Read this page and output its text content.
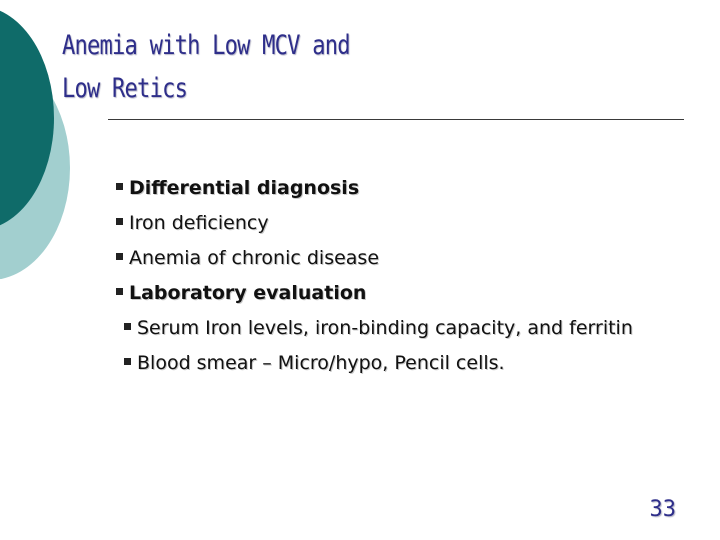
Anemia with Low MCV and
Low Retics
Differential diagnosis
Iron deficiency
Anemia of chronic disease
Laboratory evaluation
Serum Iron levels, iron-binding capacity, and ferritin
Blood smear – Micro/hypo, Pencil cells.
33
